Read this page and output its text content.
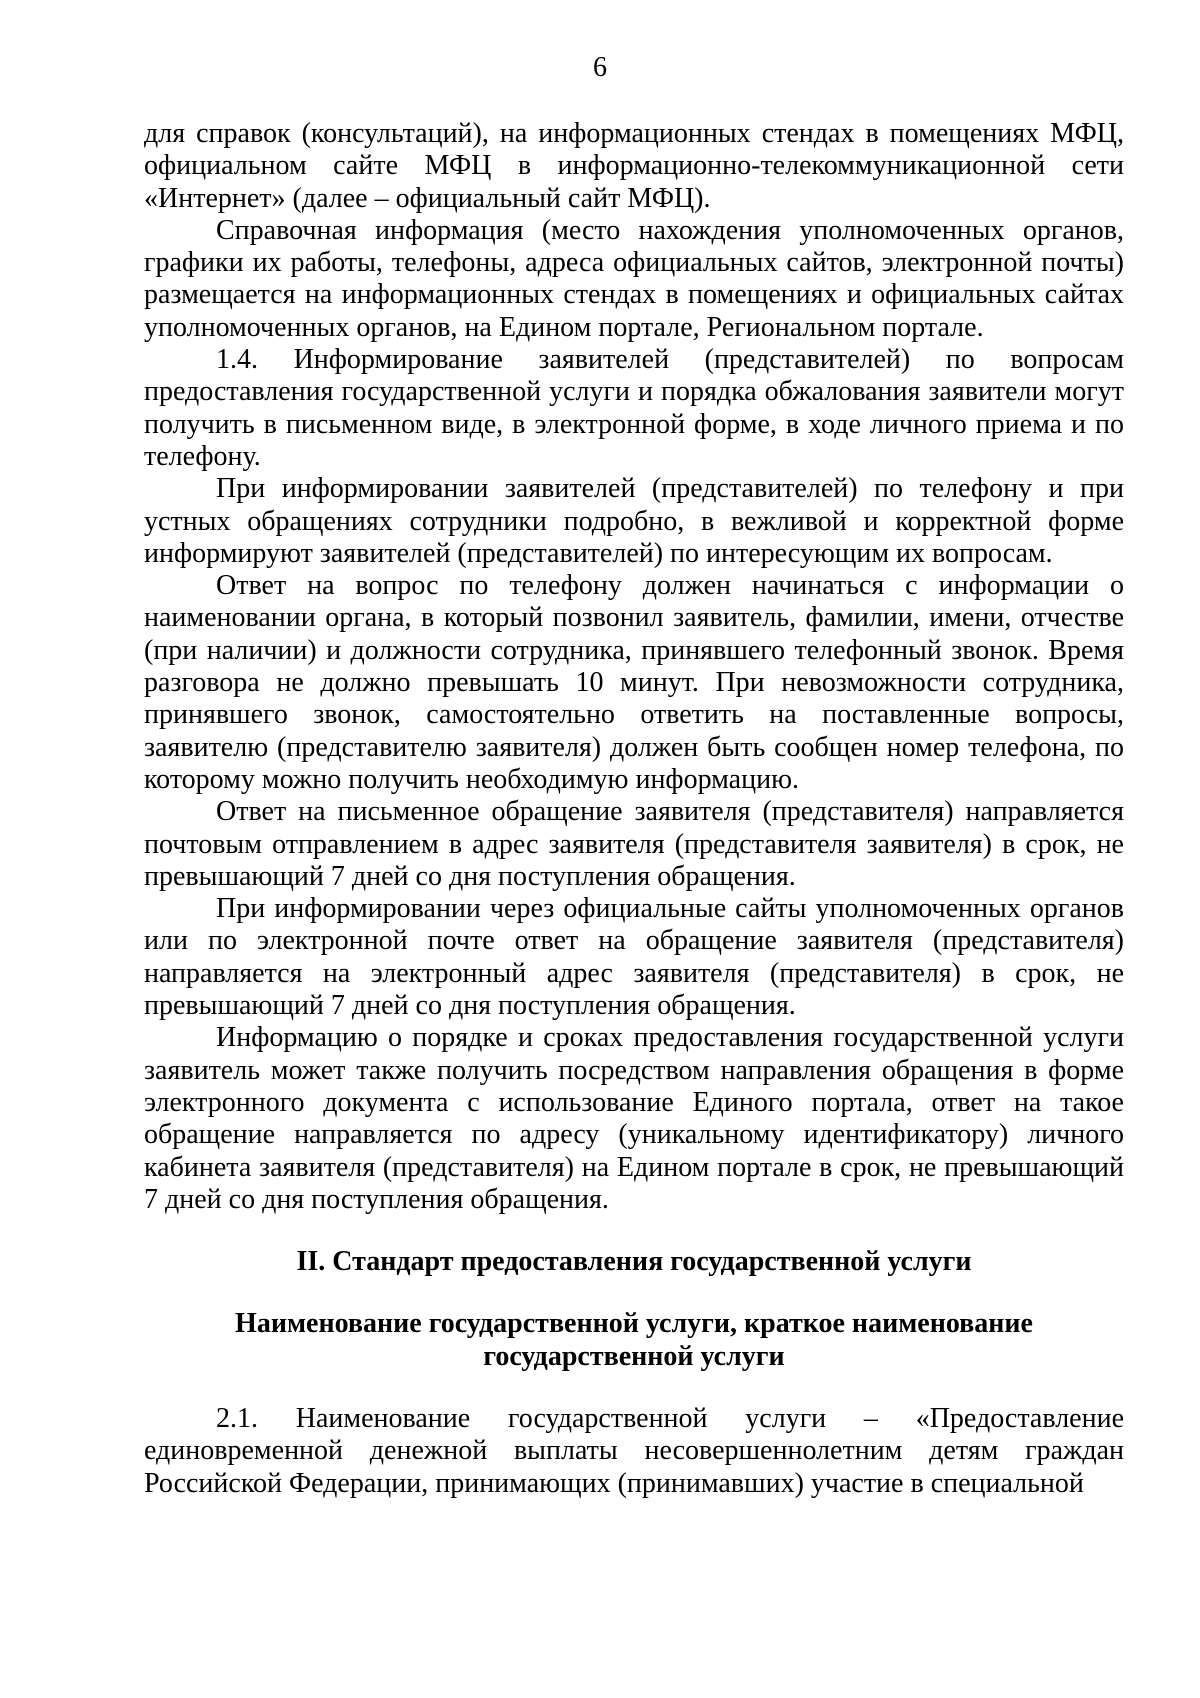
6

для справок (консультаций), на информационных стендах в помещениях МФЦ, официальном сайте МФЦ в информационно-телекоммуникационной сети «Интернет» (далее – официальный сайт МФЦ).

Справочная информация (место нахождения уполномоченных органов, графики их работы, телефоны, адреса официальных сайтов, электронной почты) размещается на информационных стендах в помещениях и официальных сайтах уполномоченных органов, на Едином портале, Региональном портале.

1.4. Информирование заявителей (представителей) по вопросам предоставления государственной услуги и порядка обжалования заявители могут получить в письменном виде, в электронной форме, в ходе личного приема и по телефону.

При информировании заявителей (представителей) по телефону и при устных обращениях сотрудники подробно, в вежливой и корректной форме информируют заявителей (представителей) по интересующим их вопросам.

Ответ на вопрос по телефону должен начинаться с информации о наименовании органа, в который позвонил заявитель, фамилии, имени, отчестве (при наличии) и должности сотрудника, принявшего телефонный звонок. Время разговора не должно превышать 10 минут. При невозможности сотрудника, принявшего звонок, самостоятельно ответить на поставленные вопросы, заявителю (представителю заявителя) должен быть сообщен номер телефона, по которому можно получить необходимую информацию.

Ответ на письменное обращение заявителя (представителя) направляется почтовым отправлением в адрес заявителя (представителя заявителя) в срок, не превышающий 7 дней со дня поступления обращения.

При информировании через официальные сайты уполномоченных органов или по электронной почте ответ на обращение заявителя (представителя) направляется на электронный адрес заявителя (представителя) в срок, не превышающий 7 дней со дня поступления обращения.

Информацию о порядке и сроках предоставления государственной услуги заявитель может также получить посредством направления обращения в форме электронного документа с использование Единого портала, ответ на такое обращение направляется по адресу (уникальному идентификатору) личного кабинета заявителя (представителя) на Едином портале в срок, не превышающий 7 дней со дня поступления обращения.

II. Стандарт предоставления государственной услуги

Наименование государственной услуги, краткое наименование
государственной услуги

2.1. Наименование государственной услуги – «Предоставление единовременной денежной выплаты несовершеннолетним детям граждан Российской Федерации, принимающих (принимавших) участие в специальной
